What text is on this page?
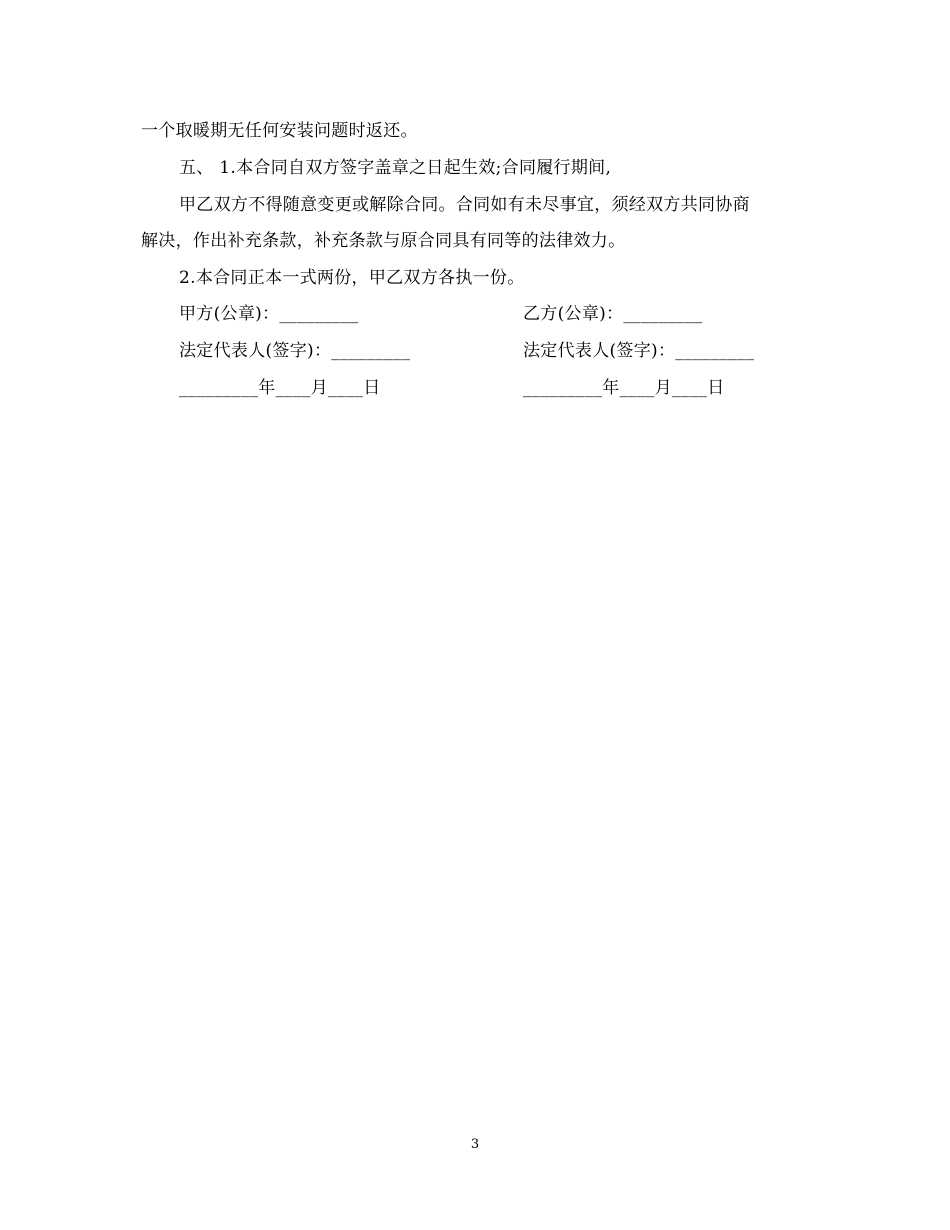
一个取暖期无任何安装问题时返还。
五、 1.本合同自双方签字盖章之日起生效;合同履行期间,
甲乙双方不得随意变更或解除合同。合同如有未尽事宜，须经双方共同协商
解决，作出补充条款，补充条款与原合同具有同等的法律效力。
2.本合同正本一式两份，甲乙双方各执一份。
甲方(公章)：_________
法定代表人(签字)：_________
_________年____月____日
乙方(公章)：_________
法定代表人(签字)：_________
_________年____月____日
3
